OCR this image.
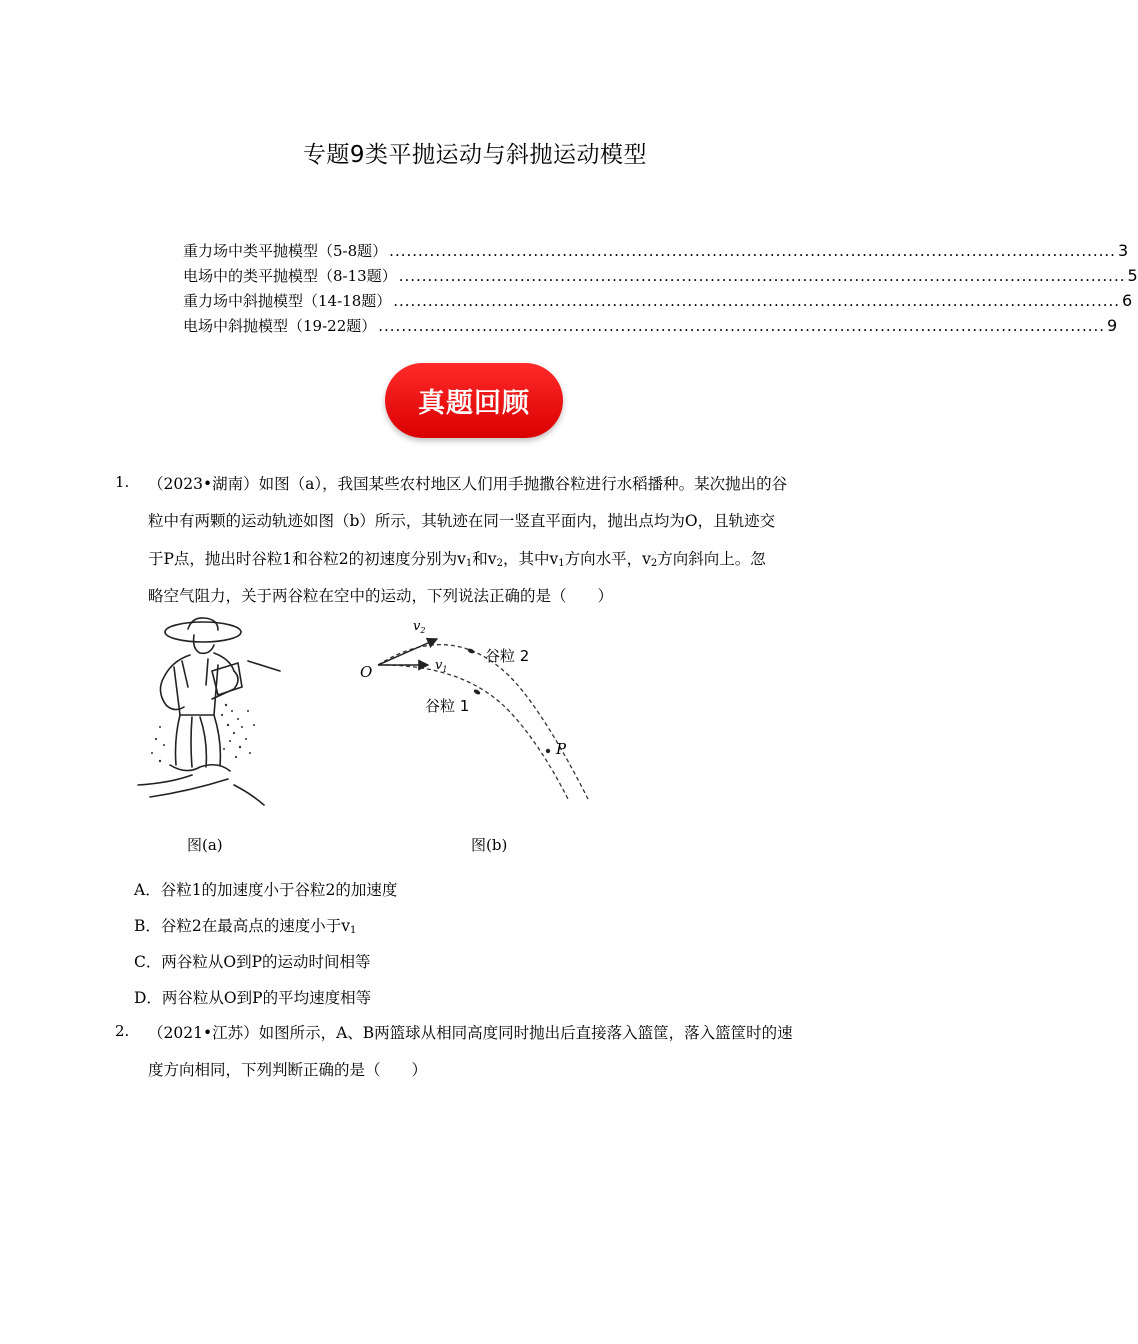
专题9类平抛运动与斜抛运动模型
重力场中类平抛模型（5-8题） .............................................................................................................................. 3
电场中的类平抛模型（8-13题） .............................................................................................................................. 5
重力场中斜抛模型（14-18题） .............................................................................................................................. 6
电场中斜抛模型（19-22题） .............................................................................................................................. 9
真题回顾
1. （2023•湖南）如图（a），我国某些农村地区人们用手抛撒谷粒进行水稻播种。某次抛出的谷
粒中有两颗的运动轨迹如图（b）所示，其轨迹在同一竖直平面内，抛出点均为O，且轨迹交
于P点，抛出时谷粒1和谷粒2的初速度分别为$v_1$和$v_2$，其中$v_1$方向水平，$v_2$方向斜向上。忽
略空气阻力，关于两谷粒在空中的运动，下列说法正确的是（　　）
图(a)
$v_2$
$v_1$
O
P
谷粒 2
谷粒 1
图(b)
A．谷粒1的加速度小于谷粒2的加速度
B．谷粒2在最高点的速度小于$v_1$
C．两谷粒从O到P的运动时间相等
D．两谷粒从O到P的平均速度相等
2. （2021•江苏）如图所示，A、B两篮球从相同高度同时抛出后直接落入篮筐，落入篮筐时的速
度方向相同，下列判断正确的是（　　）
